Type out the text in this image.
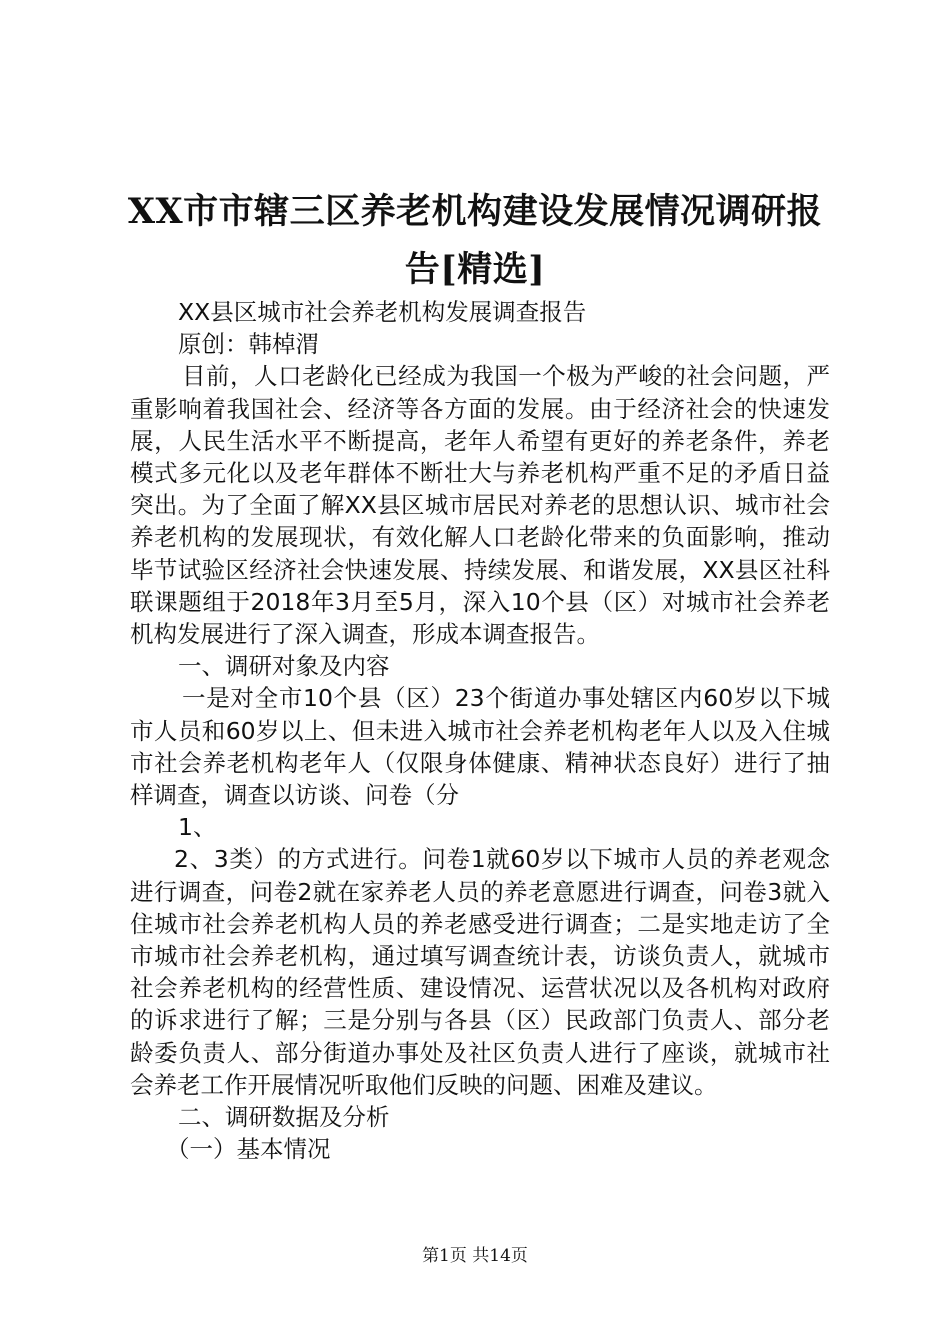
XX市市辖三区养老机构建设发展情况调研报
告[精选]

XX县区城市社会养老机构发展调查报告

原创：韩棹渭

目前，人口老龄化已经成为我国一个极为严峻的社会问题，严重影响着我国社会、经济等各方面的发展。由于经济社会的快速发展，人民生活水平不断提高，老年人希望有更好的养老条件，养老模式多元化以及老年群体不断壮大与养老机构严重不足的矛盾日益突出。为了全面了解XX县区城市居民对养老的思想认识、城市社会养老机构的发展现状，有效化解人口老龄化带来的负面影响，推动毕节试验区经济社会快速发展、持续发展、和谐发展，XX县区社科联课题组于2018年3月至5月，深入10个县（区）对城市社会养老机构发展进行了深入调查，形成本调查报告。

一、调研对象及内容

一是对全市10个县（区）23个街道办事处辖区内60岁以下城市人员和60岁以上、但未进入城市社会养老机构老年人以及入住城市社会养老机构老年人（仅限身体健康、精神状态良好）进行了抽样调查，调查以访谈、问卷（分

1、

2、3类）的方式进行。问卷1就60岁以下城市人员的养老观念进行调查，问卷2就在家养老人员的养老意愿进行调查，问卷3就入住城市社会养老机构人员的养老感受进行调查；二是实地走访了全市城市社会养老机构，通过填写调查统计表，访谈负责人，就城市社会养老机构的经营性质、建设情况、运营状况以及各机构对政府的诉求进行了解；三是分别与各县（区）民政部门负责人、部分老龄委负责人、部分街道办事处及社区负责人进行了座谈，就城市社会养老工作开展情况听取他们反映的问题、困难及建议。

二、调研数据及分析

（一）基本情况

第1页 共14页
